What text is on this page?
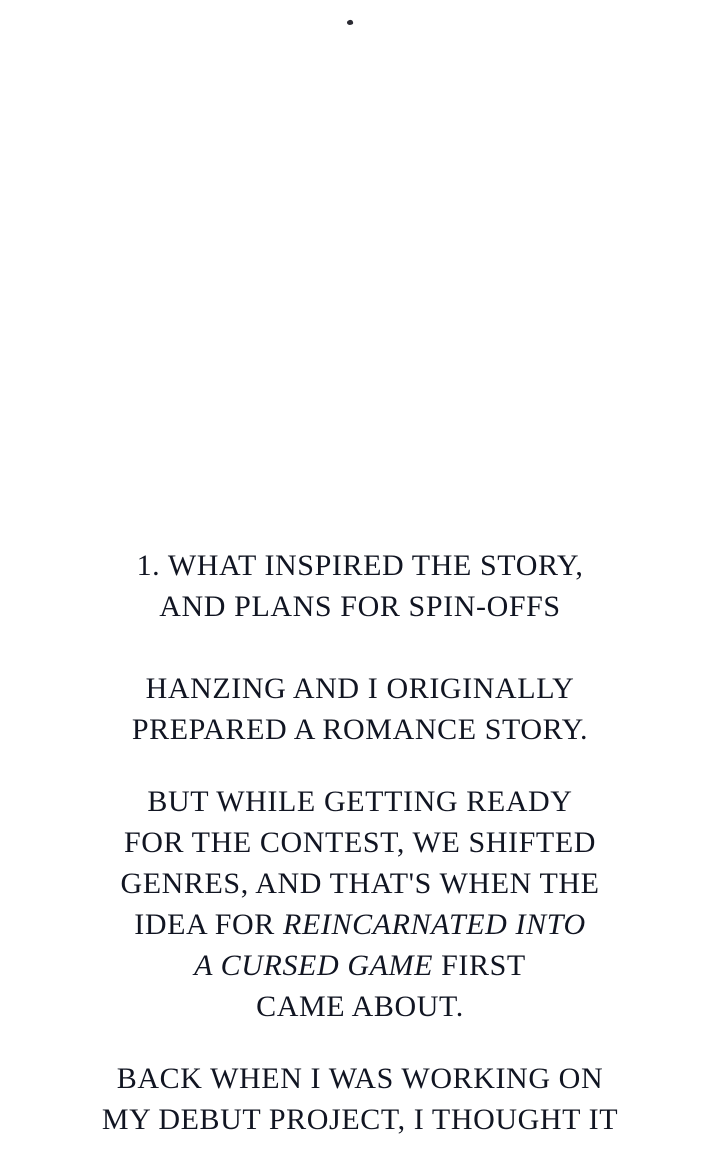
1. WHAT INSPIRED THE STORY,
AND PLANS FOR SPIN-OFFS

HANZING AND I ORIGINALLY
PREPARED A ROMANCE STORY.

BUT WHILE GETTING READY
FOR THE CONTEST, WE SHIFTED
GENRES, AND THAT'S WHEN THE
IDEA FOR REINCARNATED INTO
A CURSED GAME FIRST
CAME ABOUT.

BACK WHEN I WAS WORKING ON
MY DEBUT PROJECT, I THOUGHT IT
